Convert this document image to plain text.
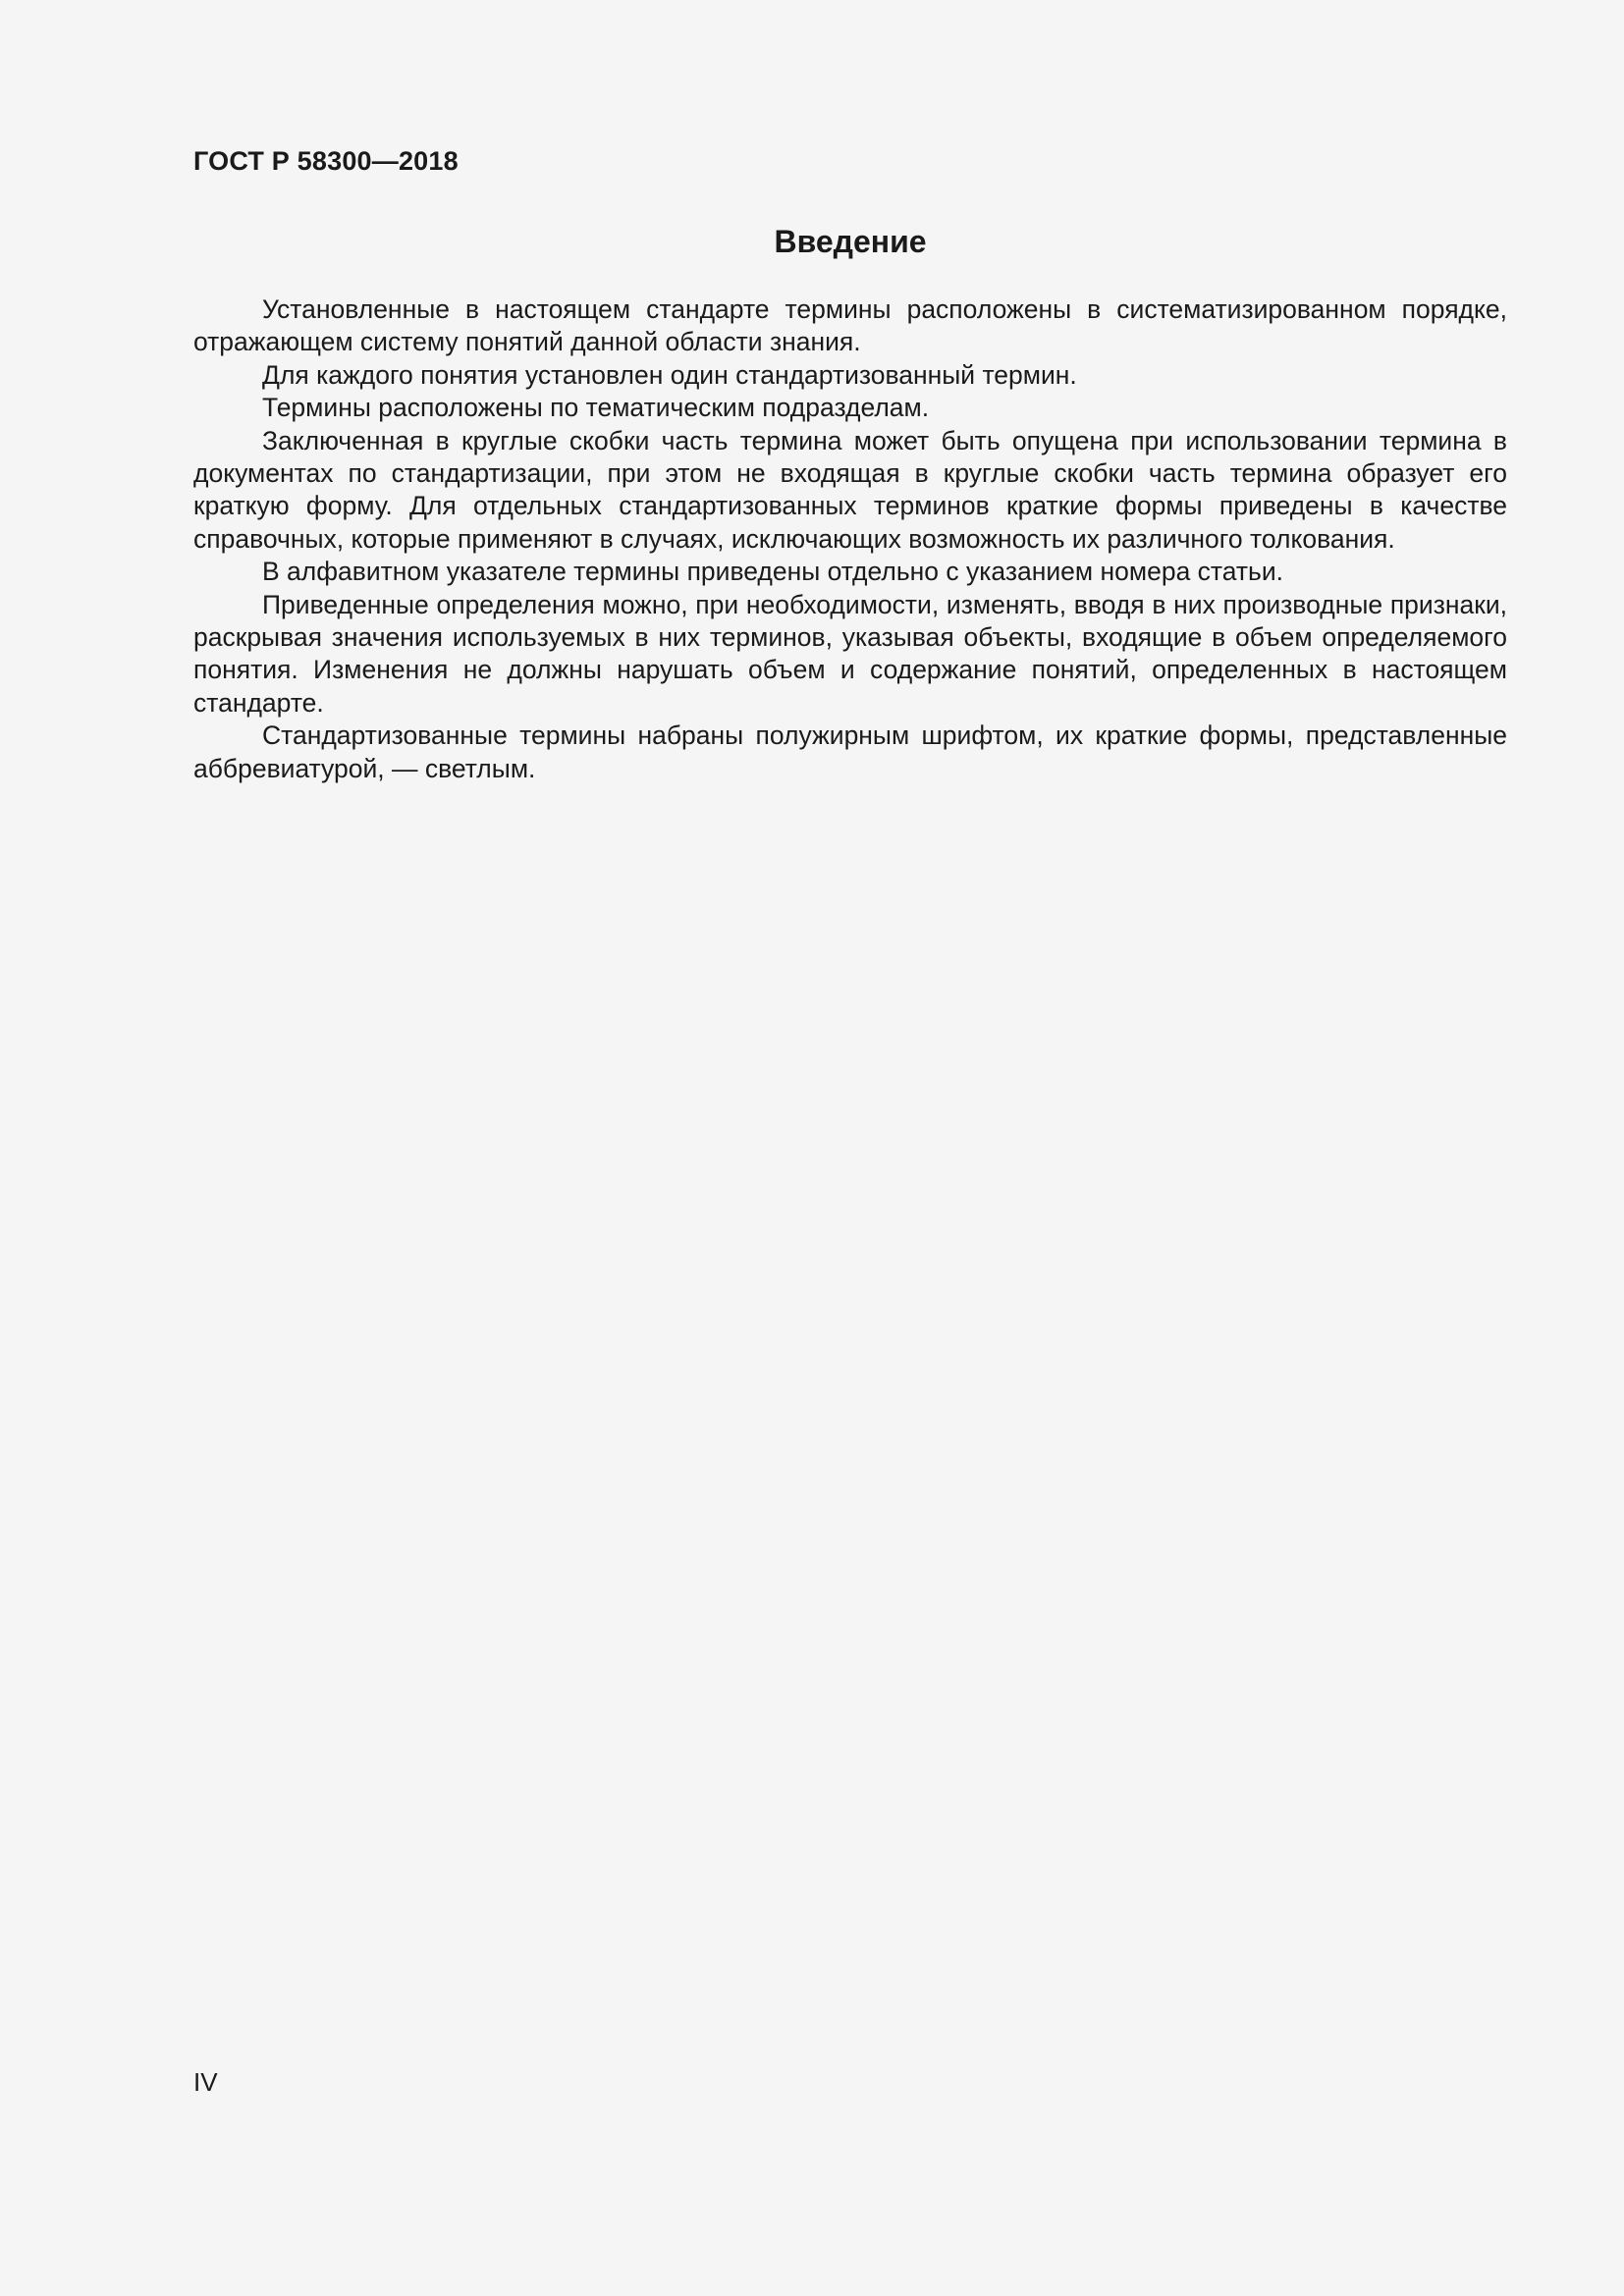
ГОСТ Р 58300—2018
Введение

Установленные в настоящем стандарте термины расположены в систематизированном порядке, отражающем систему понятий данной области знания.

Для каждого понятия установлен один стандартизованный термин.

Термины расположены по тематическим подразделам.

Заключенная в круглые скобки часть термина может быть опущена при использовании термина в документах по стандартизации, при этом не входящая в круглые скобки часть термина образует его краткую форму. Для отдельных стандартизованных терминов краткие формы приведены в качестве справочных, которые применяют в случаях, исключающих возможность их различного толкования.

В алфавитном указателе термины приведены отдельно с указанием номера статьи.

Приведенные определения можно, при необходимости, изменять, вводя в них производные признаки, раскрывая значения используемых в них терминов, указывая объекты, входящие в объем определяемого понятия. Изменения не должны нарушать объем и содержание понятий, определенных в настоящем стандарте.

Стандартизованные термины набраны полужирным шрифтом, их краткие формы, представленные аббревиатурой, — светлым.

IV
